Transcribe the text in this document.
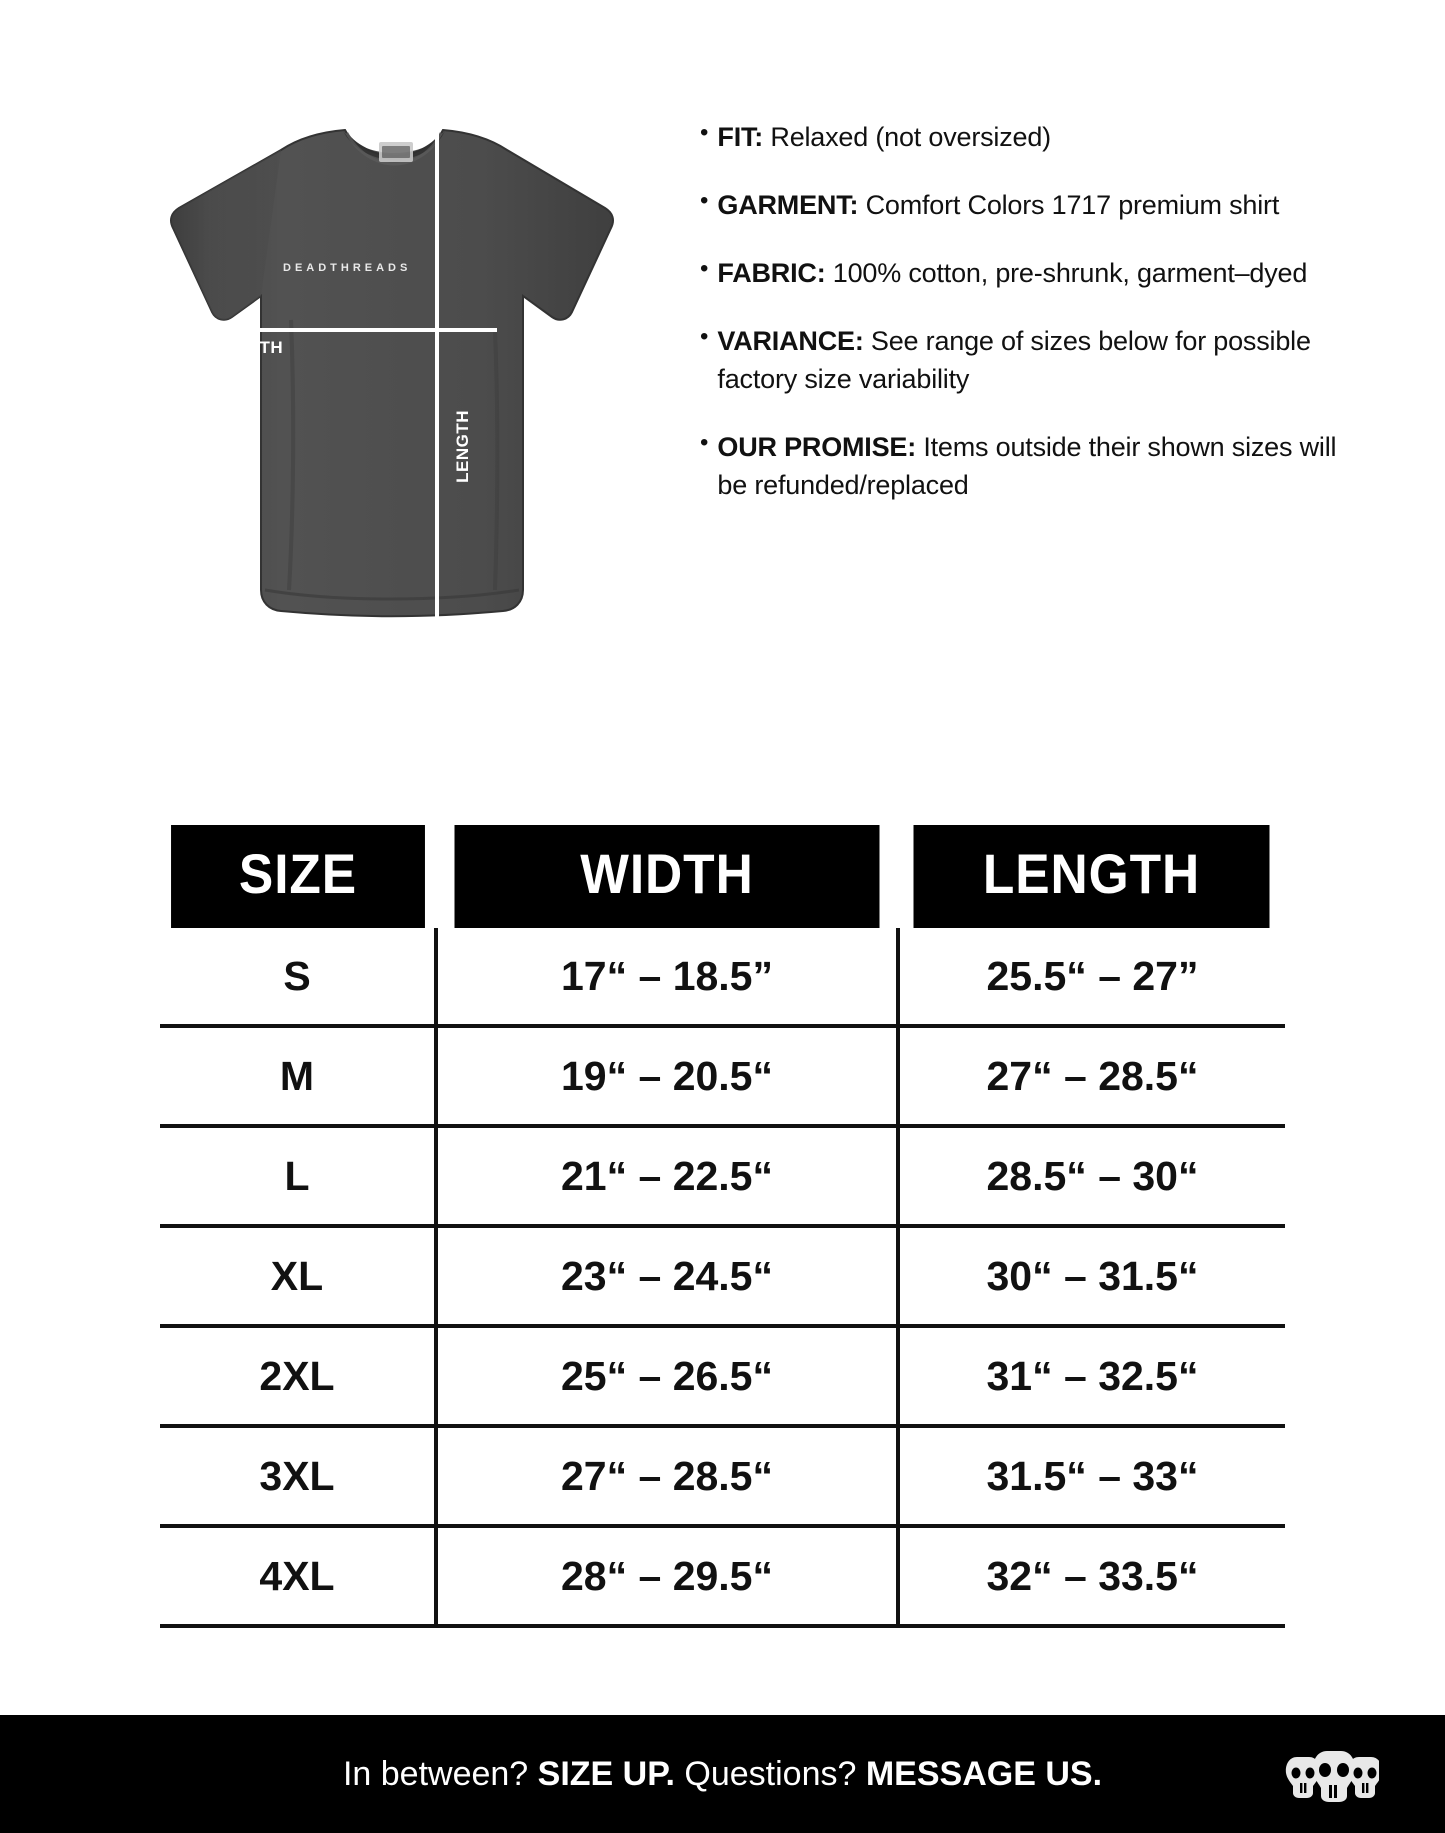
DEADTHREADS
WIDTH
LENGTH
• FIT: Relaxed (not oversized)
• GARMENT: Comfort Colors 1717 premium shirt
• FABRIC: 100% cotton, pre-shrunk, garment–dyed
• VARIANCE: See range of sizes below for possible factory size variability
• OUR PROMISE: Items outside their shown sizes will be refunded/replaced
SIZE	WIDTH	LENGTH
S	17“ – 18.5”	25.5“ – 27”
M	19“ – 20.5“	27“ – 28.5“
L	21“ – 22.5“	28.5“ – 30“
XL	23“ – 24.5“	30“ – 31.5“
2XL	25“ – 26.5“	31“ – 32.5“
3XL	27“ – 28.5“	31.5“ – 33“
4XL	28“ – 29.5“	32“ – 33.5“
In between? SIZE UP. Questions? MESSAGE US.
